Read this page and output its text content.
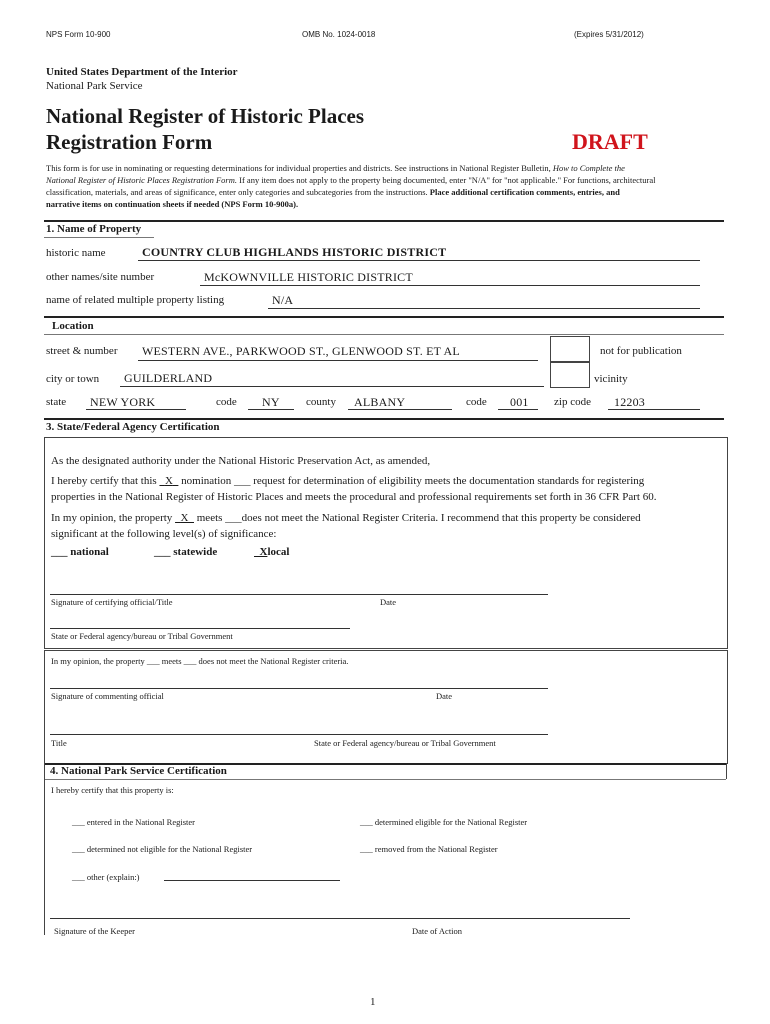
NPS Form 10-900	OMB No. 1024-0018	(Expires 5/31/2012)
United States Department of the Interior
National Park Service
National Register of Historic Places
Registration Form	DRAFT
This form is for use in nominating or requesting determinations for individual properties and districts. See instructions in National Register Bulletin, How to Complete the
National Register of Historic Places Registration Form. If any item does not apply to the property being documented, enter "N/A" for "not applicable." For functions, architectural
classification, materials, and areas of significance, enter only categories and subcategories from the instructions. Place additional certification comments, entries, and
narrative items on continuation sheets if needed (NPS Form 10-900a).
1. Name of Property
historic name	COUNTRY CLUB HIGHLANDS HISTORIC DISTRICT
other names/site number	McKOWNVILLE HISTORIC DISTRICT
name of related multiple property listing	N/A
Location
street & number WESTERN AVE., PARKWOOD ST., GLENWOOD ST. ET AL	not for publication
city or town GUILDERLAND	vicinity
state NEW YORK	code NY county ALBANY	code 001 zip code 12203
3. State/Federal Agency Certification
As the designated authority under the National Historic Preservation Act, as amended,
I hereby certify that this X nomination ___ request for determination of eligibility meets the documentation standards for registering
properties in the National Register of Historic Places and meets the procedural and professional requirements set forth in 36 CFR Part 60.
In my opinion, the property X meets ___does not meet the National Register Criteria. I recommend that this property be considered
significant at the following level(s) of significance:
___ national	___ statewide	Xlocal
Signature of certifying official/Title	Date
State or Federal agency/bureau or Tribal Government
In my opinion, the property ___ meets ___ does not meet the National Register criteria.
Signature of commenting official	Date
Title	State or Federal agency/bureau or Tribal Government
4. National Park Service Certification
I hereby certify that this property is:
___ entered in the National Register	___ determined eligible for the National Register
___ determined not eligible for the National Register	___ removed from the National Register
___ other (explain:)
Signature of the Keeper	Date of Action
1
